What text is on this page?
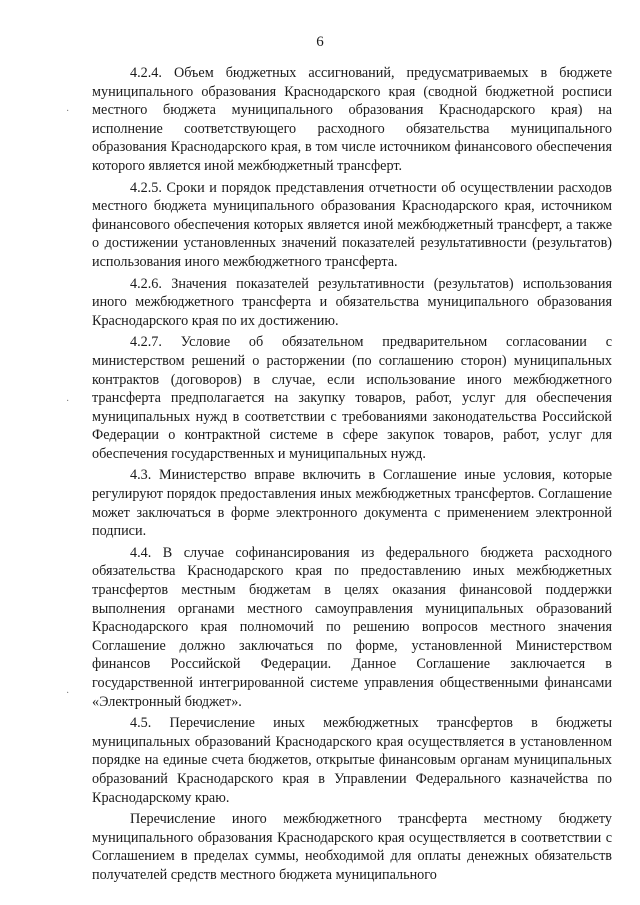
6
·
·
·

4.2.4. Объем бюджетных ассигнований, предусматриваемых в бюджете муниципального образования Краснодарского края (сводной бюджетной росписи местного бюджета муниципального образования Краснодарского края) на исполнение соответствующего расходного обязательства муниципального образования Краснодарского края, в том числе источником финансового обеспечения которого является иной межбюджетный трансферт.

4.2.5. Сроки и порядок представления отчетности об осуществлении расходов местного бюджета муниципального образования Краснодарского края, источником финансового обеспечения которых является иной межбюджетный трансферт, а также о достижении установленных значений показателей результативности (результатов) использования иного межбюджетного трансферта.

4.2.6. Значения показателей результативности (результатов) использования иного межбюджетного трансферта и обязательства муниципального образования Краснодарского края по их достижению.

4.2.7. Условие об обязательном предварительном согласовании с министерством решений о расторжении (по соглашению сторон) муниципальных контрактов (договоров) в случае, если использование иного межбюджетного трансферта предполагается на закупку товаров, работ, услуг для обеспечения муниципальных нужд в соответствии с требованиями законодательства Российской Федерации о контрактной системе в сфере закупок товаров, работ, услуг для обеспечения государственных и муниципальных нужд.

4.3. Министерство вправе включить в Соглашение иные условия, которые регулируют порядок предоставления иных межбюджетных трансфертов. Соглашение может заключаться в форме электронного документа с применением электронной подписи.

4.4. В случае софинансирования из федерального бюджета расходного обязательства Краснодарского края по предоставлению иных межбюджетных трансфертов местным бюджетам в целях оказания финансовой поддержки выполнения органами местного самоуправления муниципальных образований Краснодарского края полномочий по решению вопросов местного значения Соглашение должно заключаться по форме, установленной Министерством финансов Российской Федерации. Данное Соглашение заключается в государственной интегрированной системе управления общественными финансами «Электронный бюджет».

4.5. Перечисление иных межбюджетных трансфертов в бюджеты муниципальных образований Краснодарского края осуществляется в установленном порядке на единые счета бюджетов, открытые финансовым органам муниципальных образований Краснодарского края в Управлении Федерального казначейства по Краснодарскому краю.

Перечисление иного межбюджетного трансферта местному бюджету муниципального образования Краснодарского края осуществляется в соответствии с Соглашением в пределах суммы, необходимой для оплаты денежных обязательств получателей средств местного бюджета муниципального
